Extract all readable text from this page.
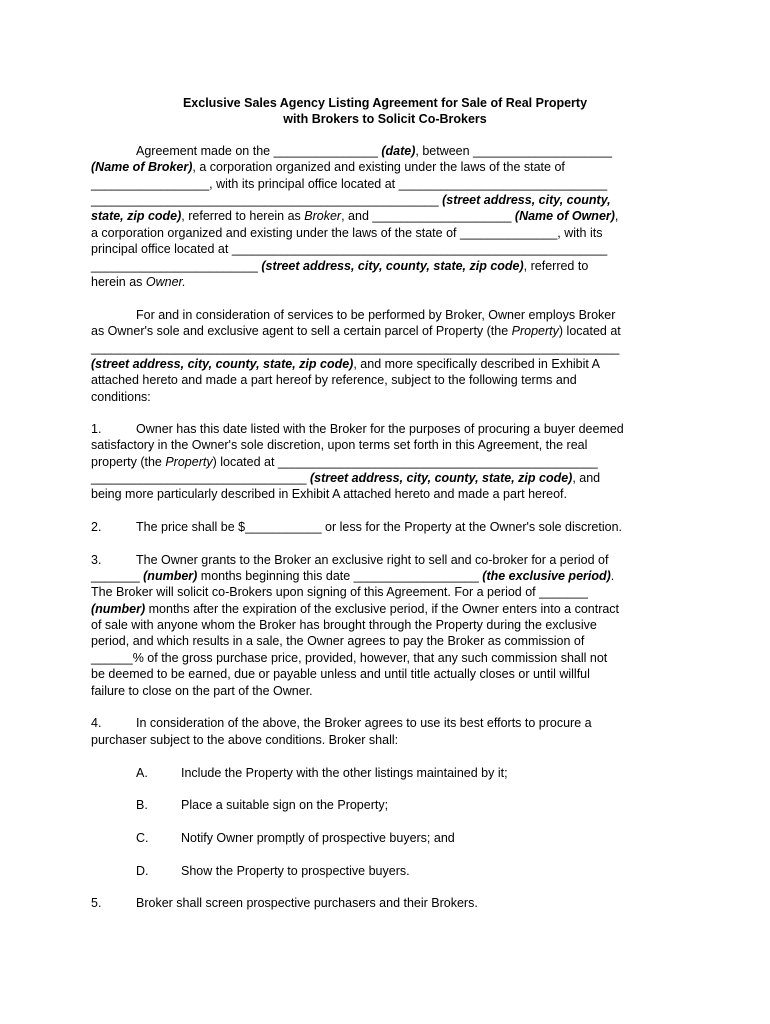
Exclusive Sales Agency Listing Agreement for Sale of Real Property
with Brokers to Solicit Co-Brokers
Agreement made on the _______________ (date), between ____________________
(Name of Broker), a corporation organized and existing under the laws of the state of
_________________, with its principal office located at ______________________________
__________________________________________________ (street address, city, county,
state, zip code), referred to herein as Broker, and ____________________ (Name of Owner),
a corporation organized and existing under the laws of the state of ______________, with its
principal office located at ______________________________________________________
________________________ (street address, city, county, state, zip code), referred to
herein as Owner.
For and in consideration of services to be performed by Broker, Owner employs Broker
as Owner's sole and exclusive agent to sell a certain parcel of Property (the Property) located at
____________________________________________________________________________
(street address, city, county, state, zip code), and more specifically described in Exhibit A
attached hereto and made a part hereof by reference, subject to the following terms and
conditions:
1.	Owner has this date listed with the Broker for the purposes of procuring a buyer deemed
satisfactory in the Owner's sole discretion, upon terms set forth in this Agreement, the real
property (the Property) located at ______________________________________________
_______________________________ (street address, city, county, state, zip code), and
being more particularly described in Exhibit A attached hereto and made a part hereof.
2.	The price shall be $___________ or less for the Property at the Owner's sole discretion.
3.	The Owner grants to the Broker an exclusive right to sell and co-broker for a period of
_______ (number) months beginning this date __________________ (the exclusive period).
The Broker will solicit co-Brokers upon signing of this Agreement. For a period of _______
(number) months after the expiration of the exclusive period, if the Owner enters into a contract
of sale with anyone whom the Broker has brought through the Property during the exclusive
period, and which results in a sale, the Owner agrees to pay the Broker as commission of
______% of the gross purchase price, provided, however, that any such commission shall not
be deemed to be earned, due or payable unless and until title actually closes or until willful
failure to close on the part of the Owner.
4.	In consideration of the above, the Broker agrees to use its best efforts to procure a
purchaser subject to the above conditions. Broker shall:
A.	Include the Property with the other listings maintained by it;
B.	Place a suitable sign on the Property;
C.	Notify Owner promptly of prospective buyers; and
D.	Show the Property to prospective buyers.
5.	Broker shall screen prospective purchasers and their Brokers.
